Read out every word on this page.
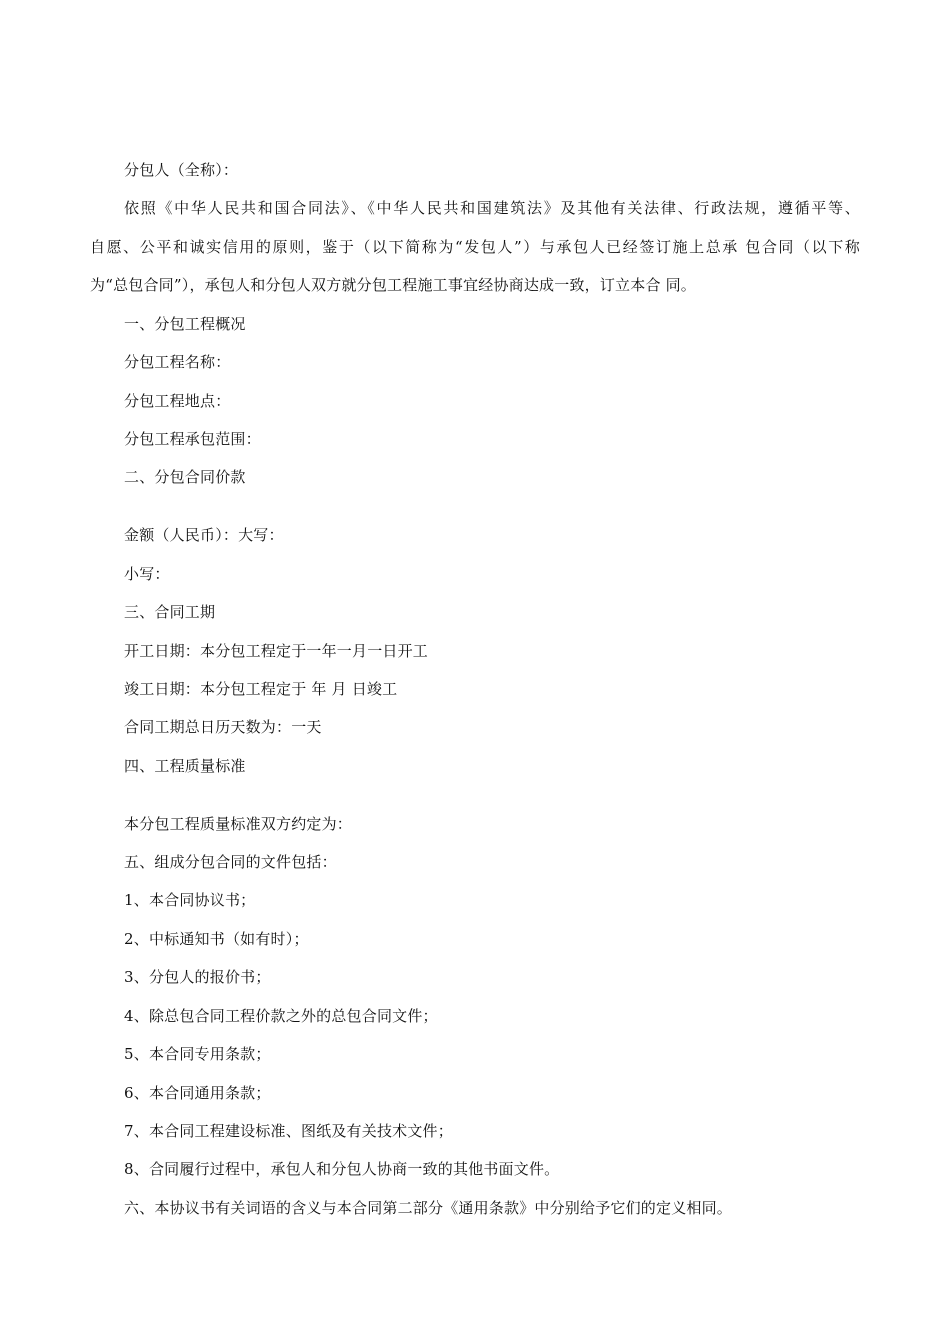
分包人（全称）：
依照《中华人民共和国合同法》、《中华人民共和国建筑法》及其他有关法律、行政法规，遵循平等、
自愿、公平和诚实信用的原则，鉴于（以下简称为“发包人”）与承包人已经签订施上总承 包合同（以下称
为“总包合同”），承包人和分包人双方就分包工程施工事宜经协商达成一致，订立本合 同。
一、分包工程概况
分包工程名称：
分包工程地点：
分包工程承包范围：
二、分包合同价款
金额（人民币）：大写：
小写：
三、合同工期
开工日期：本分包工程定于一年一月一日开工
竣工日期：本分包工程定于 年 月 日竣工
合同工期总日历天数为：一天
四、工程质量标准
本分包工程质量标准双方约定为：
五、组成分包合同的文件包括：
1、本合同协议书；
2、中标通知书（如有时）；
3、分包人的报价书；
4、除总包合同工程价款之外的总包合同文件；
5、本合同专用条款；
6、本合同通用条款；
7、本合同工程建设标准、图纸及有关技术文件；
8、合同履行过程中，承包人和分包人协商一致的其他书面文件。
六、本协议书有关词语的含义与本合同第二部分《通用条款》中分别给予它们的定义相同。
